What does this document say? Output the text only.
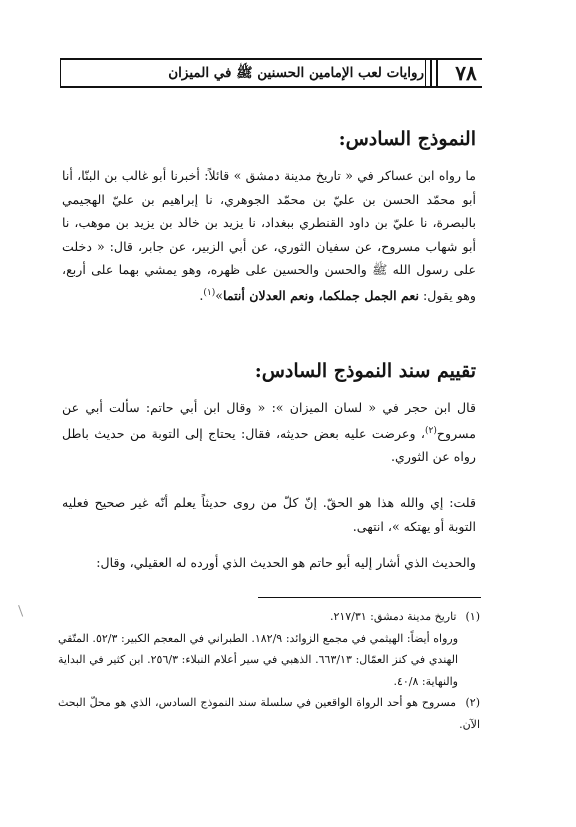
٧٨
روايات لعب الإمامين الحسنين ﷺ في الميزان
النموذج السادس:

ما رواه ابن عساكر في « تاريخ مدينة دمشق » قائلاً: أخبرنا أبو غالب بن البنّا، أنا أبو محمّد الحسن بن عليّ بن محمّد الجوهري، نا إبراهيم بن عليّ الهجيمي بالبصرة، نا عليّ بن داود القنطري ببغداد، نا يزيد بن خالد بن يزيد بن موهب، نا أبو شهاب مسروح، عن سفيان الثوري، عن أبي الزبير، عن جابر، قال: « دخلت على رسول الله ﷺ والحسن والحسين على ظهره، وهو يمشي بهما على أربع، وهو يقول: نعم الجمل جملكما، ونعم العدلان أنتما»$^{(١)}$.

تقييم سند النموذج السادس:

قال ابن حجر في « لسان الميزان »: « وقال ابن أبي حاتم: سألت أبي عن مسروح$^{(٢)}$، وعرضت عليه بعض حديثه، فقال: يحتاج إلى التوبة من حديث باطل رواه عن الثوري.

قلت: إي والله هذا هو الحقّ. إنّ كلّ من روى حديثاً يعلم أنّه غير صحيح فعليه التوبة أو يهتكه »، انتهى.

والحديث الذي أشار إليه أبو حاتم هو الحديث الذي أورده له العقيلي، وقال:

(١) تاريخ مدينة دمشق: ٢١٧/٣١.

ورواه أيضاً: الهيثمي في مجمع الزوائد: ١٨٢/٩. الطبراني في المعجم الكبير: ٥٢/٣. المتّقي الهندي في كنز العمّال: ٦٦٣/١٣. الذهبي في سير أعلام النبلاء: ٢٥٦/٣. ابن كثير في البداية والنهاية: ٤٠/٨.

(٢) مسروح هو أحد الرواة الواقعين في سلسلة سند النموذج السادس، الذي هو محلّ البحث الآن.
